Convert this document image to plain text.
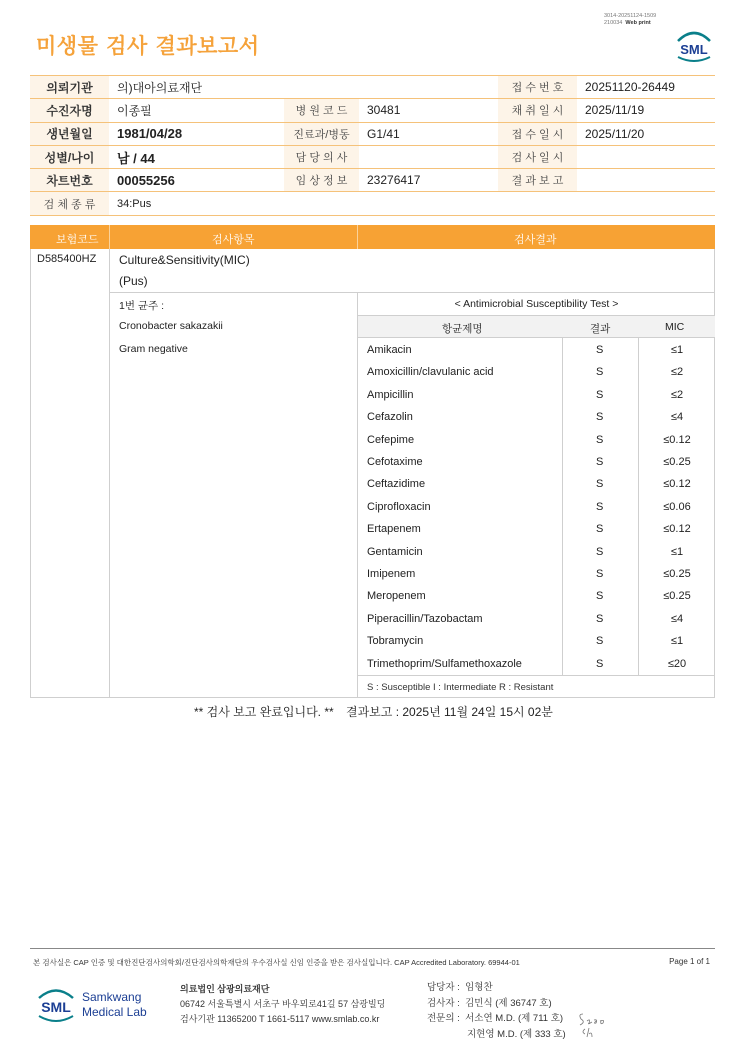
미생물 검사 결과보고서
3014-20251124-1509
210034 Web print
SML
의뢰기관	의)대아의료재단			접 수 번 호	20251120-26449
수진자명	이종필	병 원 코 드	30481	채 취 일 시	2025/11/19
생년월일	1981/04/28	진료과/병동	G1/41	접 수 일 시	2025/11/20
성별/나이	남 / 44	담 당 의 사		검 사 일 시	
차트번호	00055256	임 상 정 보	23276417	결 과 보 고	
검 체 종 류	34:Pus				
보험코드	검사항목	검사결과
D585400HZ Culture&Sensitivity(MIC)
(Pus)
1번 균주 :
Cronobacter sakazakii
Gram negative
< Antimicrobial Susceptibility Test >
항균제명	결과	MIC
Amikacin	S	≤1
Amoxicillin/clavulanic acid	S	≤2
Ampicillin	S	≤2
Cefazolin	S	≤4
Cefepime	S	≤0.12
Cefotaxime	S	≤0.25
Ceftazidime	S	≤0.12
Ciprofloxacin	S	≤0.06
Ertapenem	S	≤0.12
Gentamicin	S	≤1
Imipenem	S	≤0.25
Meropenem	S	≤0.25
Piperacillin/Tazobactam	S	≤4
Tobramycin	S	≤1
Trimethoprim/Sulfamethoxazole	S	≤20
S : Susceptible I : Intermediate R : Resistant
** 검사 보고 완료입니다. ** 결과보고 : 2025년 11월 24일 15시 02분
본 검사실은 CAP 인증 및 대한진단검사의학회/진단검사의학재단의 우수검사실 신임 인증을 받은 검사실입니다. CAP Accredited Laboratory. 69944-01	Page 1 of 1
SML
Samkwang
Medical Lab
의료법인 삼광의료재단
06742 서울특별시 서초구 바우뫼로41길 57 삼광빌딩
검사기관 11365200 T 1661-5117 www.smlab.co.kr
담당자 : 임형찬
검사자 : 김민식 (제 36747 호)
전문의 : 서소연 M.D. (제 711 호)
지현영 M.D. (제 333 호)
